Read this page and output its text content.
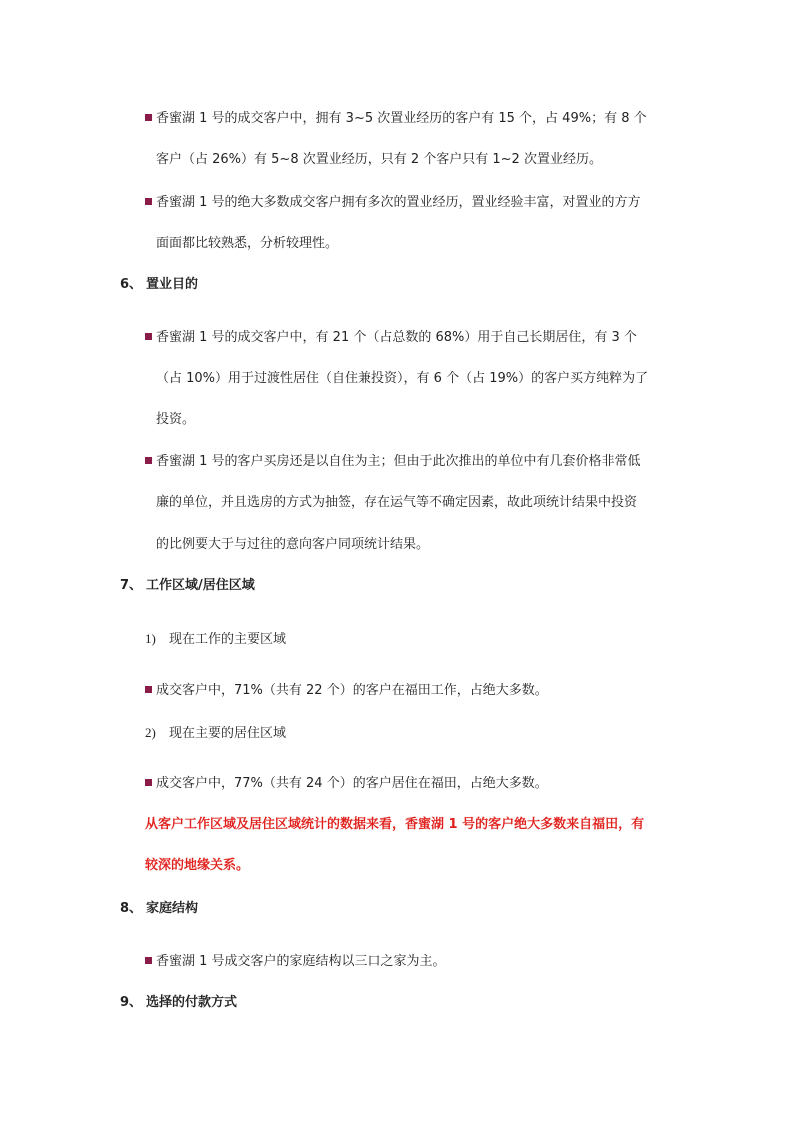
香蜜湖 1 号的成交客户中，拥有 3~5 次置业经历的客户有 15 个，占 49%；有 8 个
客户（占 26%）有 5~8 次置业经历，只有 2 个客户只有 1~2 次置业经历。
香蜜湖 1 号的绝大多数成交客户拥有多次的置业经历，置业经验丰富，对置业的方方
面面都比较熟悉，分析较理性。
6、 置业目的
香蜜湖 1 号的成交客户中，有 21 个（占总数的 68%）用于自己长期居住，有 3 个
（占 10%）用于过渡性居住（自住兼投资），有 6 个（占 19%）的客户买方纯粹为了
投资。
香蜜湖 1 号的客户买房还是以自住为主；但由于此次推出的单位中有几套价格非常低
廉的单位，并且选房的方式为抽签，存在运气等不确定因素，故此项统计结果中投资
的比例要大于与过往的意向客户同项统计结果。
7、 工作区域/居住区域
1) 现在工作的主要区域
成交客户中，71%（共有 22 个）的客户在福田工作，占绝大多数。
2) 现在主要的居住区域
成交客户中，77%（共有 24 个）的客户居住在福田，占绝大多数。
从客户工作区域及居住区域统计的数据来看，香蜜湖 1 号的客户绝大多数来自福田，有
较深的地缘关系。
8、 家庭结构
香蜜湖 1 号成交客户的家庭结构以三口之家为主。
9、 选择的付款方式
